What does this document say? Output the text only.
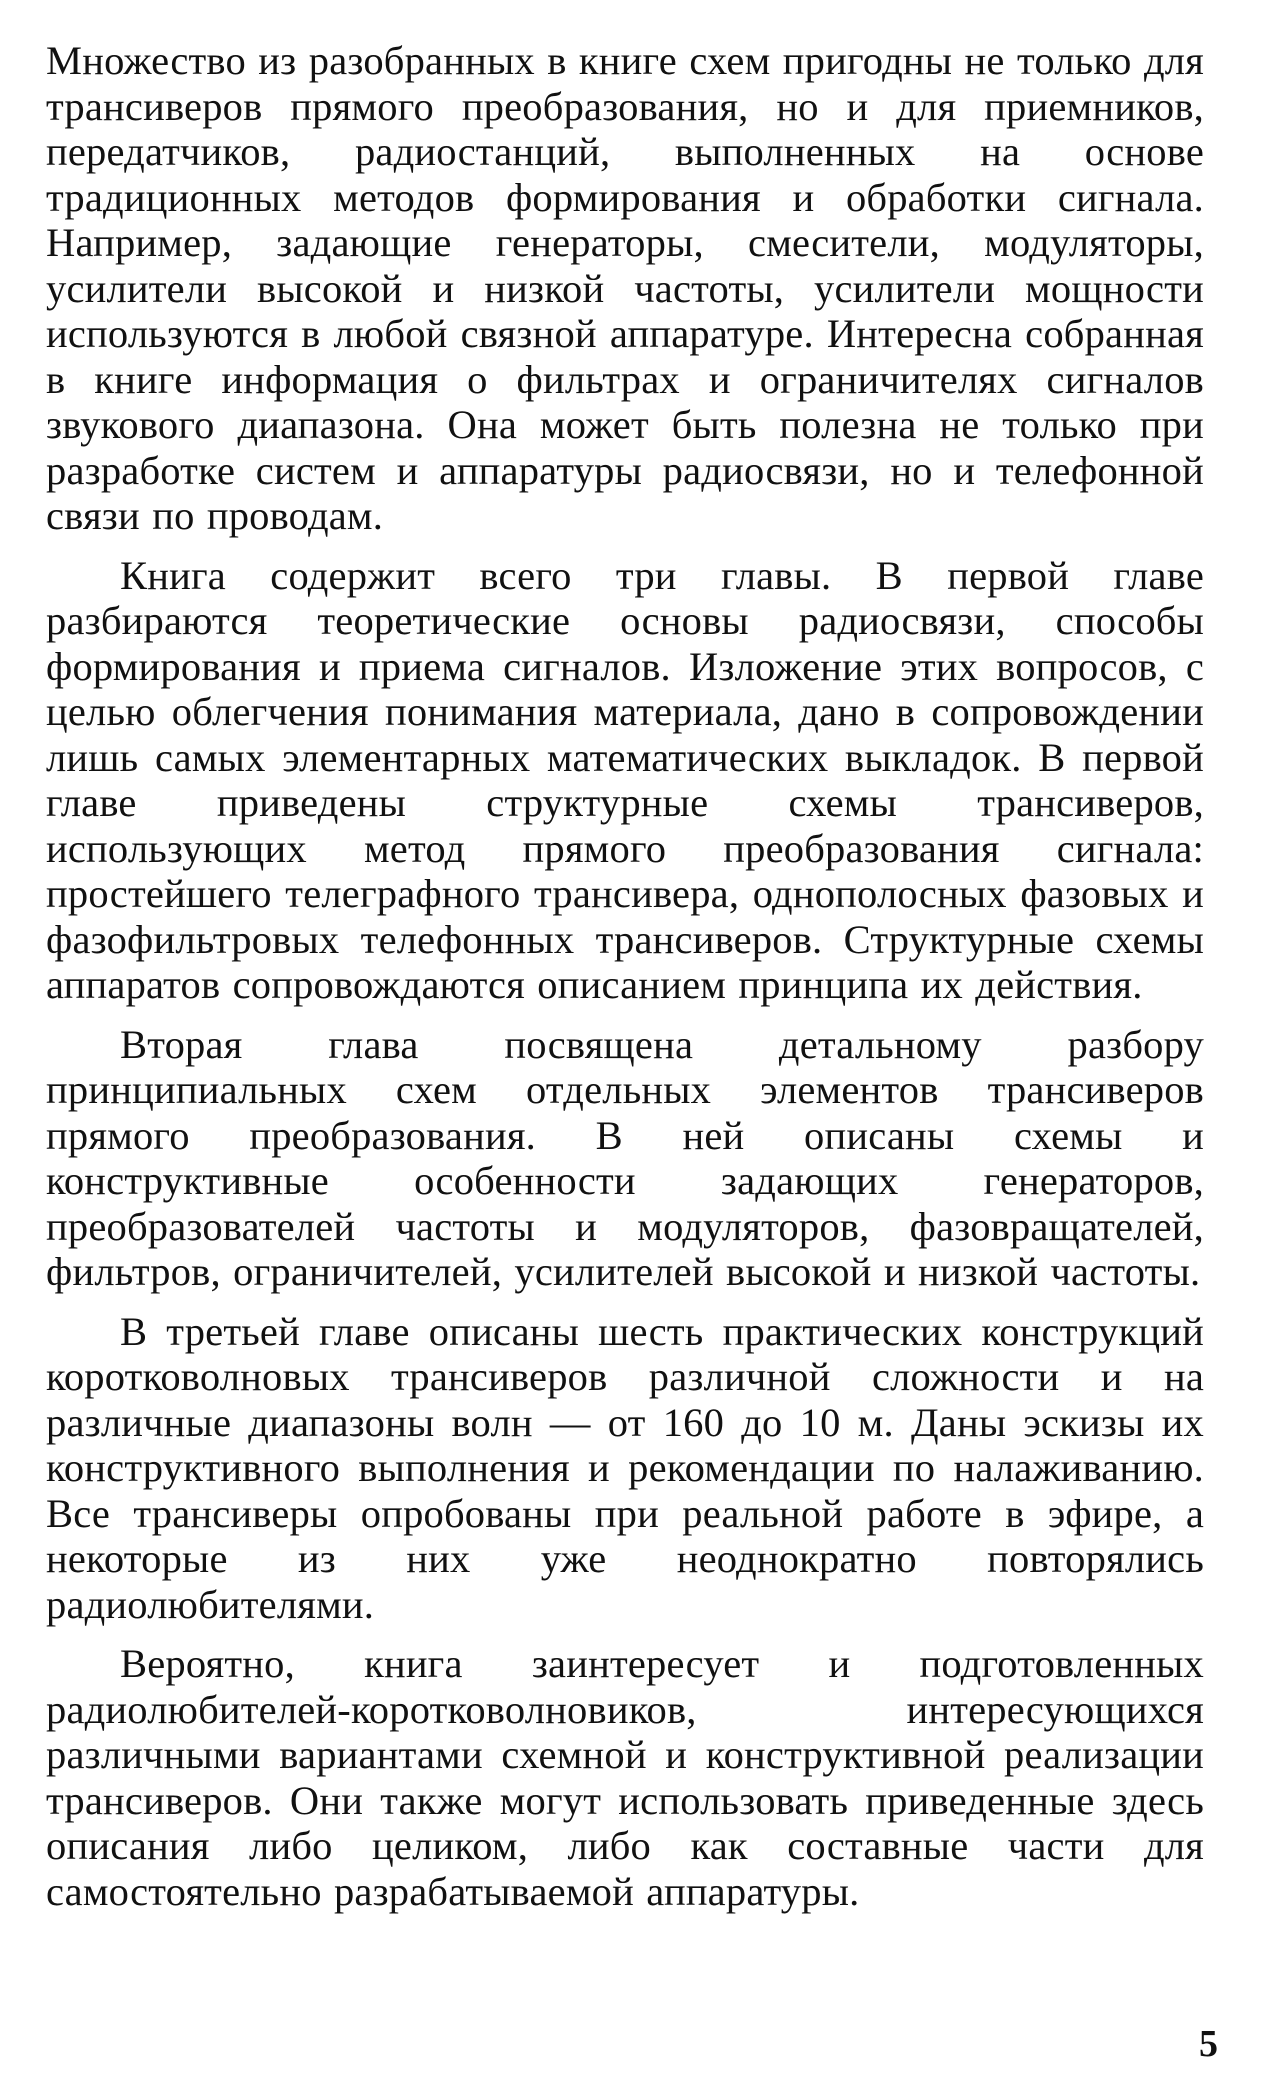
Множество из разобранных в книге схем пригодны не только для трансиверов прямого преобразования, но и для приемников, передатчиков, радиостанций, выполненных на основе традиционных методов формирования и обработки сигнала. Например, задающие генераторы, смесители, модуляторы, усилители высокой и низкой частоты, усилители мощности используются в любой связной аппаратуре. Интересна собранная в книге информация о фильтрах и ограничителях сигналов звукового диапазона. Она может быть полезна не только при разработке систем и аппаратуры радиосвязи, но и телефонной связи по проводам.

Книга содержит всего три главы. В первой главе разбираются теоретические основы радиосвязи, способы формирования и приема сигналов. Изложение этих вопросов, с целью облегчения понимания материала, дано в сопровождении лишь самых элементарных математических выкладок. В первой главе приведены структурные схемы трансиверов, использующих метод прямого преобразования сигнала: простейшего телеграфного трансивера, однополосных фазовых и фазофильтровых телефонных трансиверов. Структурные схемы аппаратов сопровождаются описанием принципа их действия.

Вторая глава посвящена детальному разбору принципиальных схем отдельных элементов трансиверов прямого преобразования. В ней описаны схемы и конструктивные особенности задающих генераторов, преобразователей частоты и модуляторов, фазовращателей, фильтров, ограничителей, усилителей высокой и низкой частоты.

В третьей главе описаны шесть практических конструкций коротковолновых трансиверов различной сложности и на различные диапазоны волн — от 160 до 10 м. Даны эскизы их конструктивного выполнения и рекомендации по налаживанию. Все трансиверы опробованы при реальной работе в эфире, а некоторые из них уже неоднократно повторялись радиолюбителями.

Вероятно, книга заинтересует и подготовленных радиолюбителей-коротковолновиков, интересующихся различными вариантами схемной и конструктивной реализации трансиверов. Они также могут использовать приведенные здесь описания либо целиком, либо как составные части для самостоятельно разрабатываемой аппаратуры.

5
